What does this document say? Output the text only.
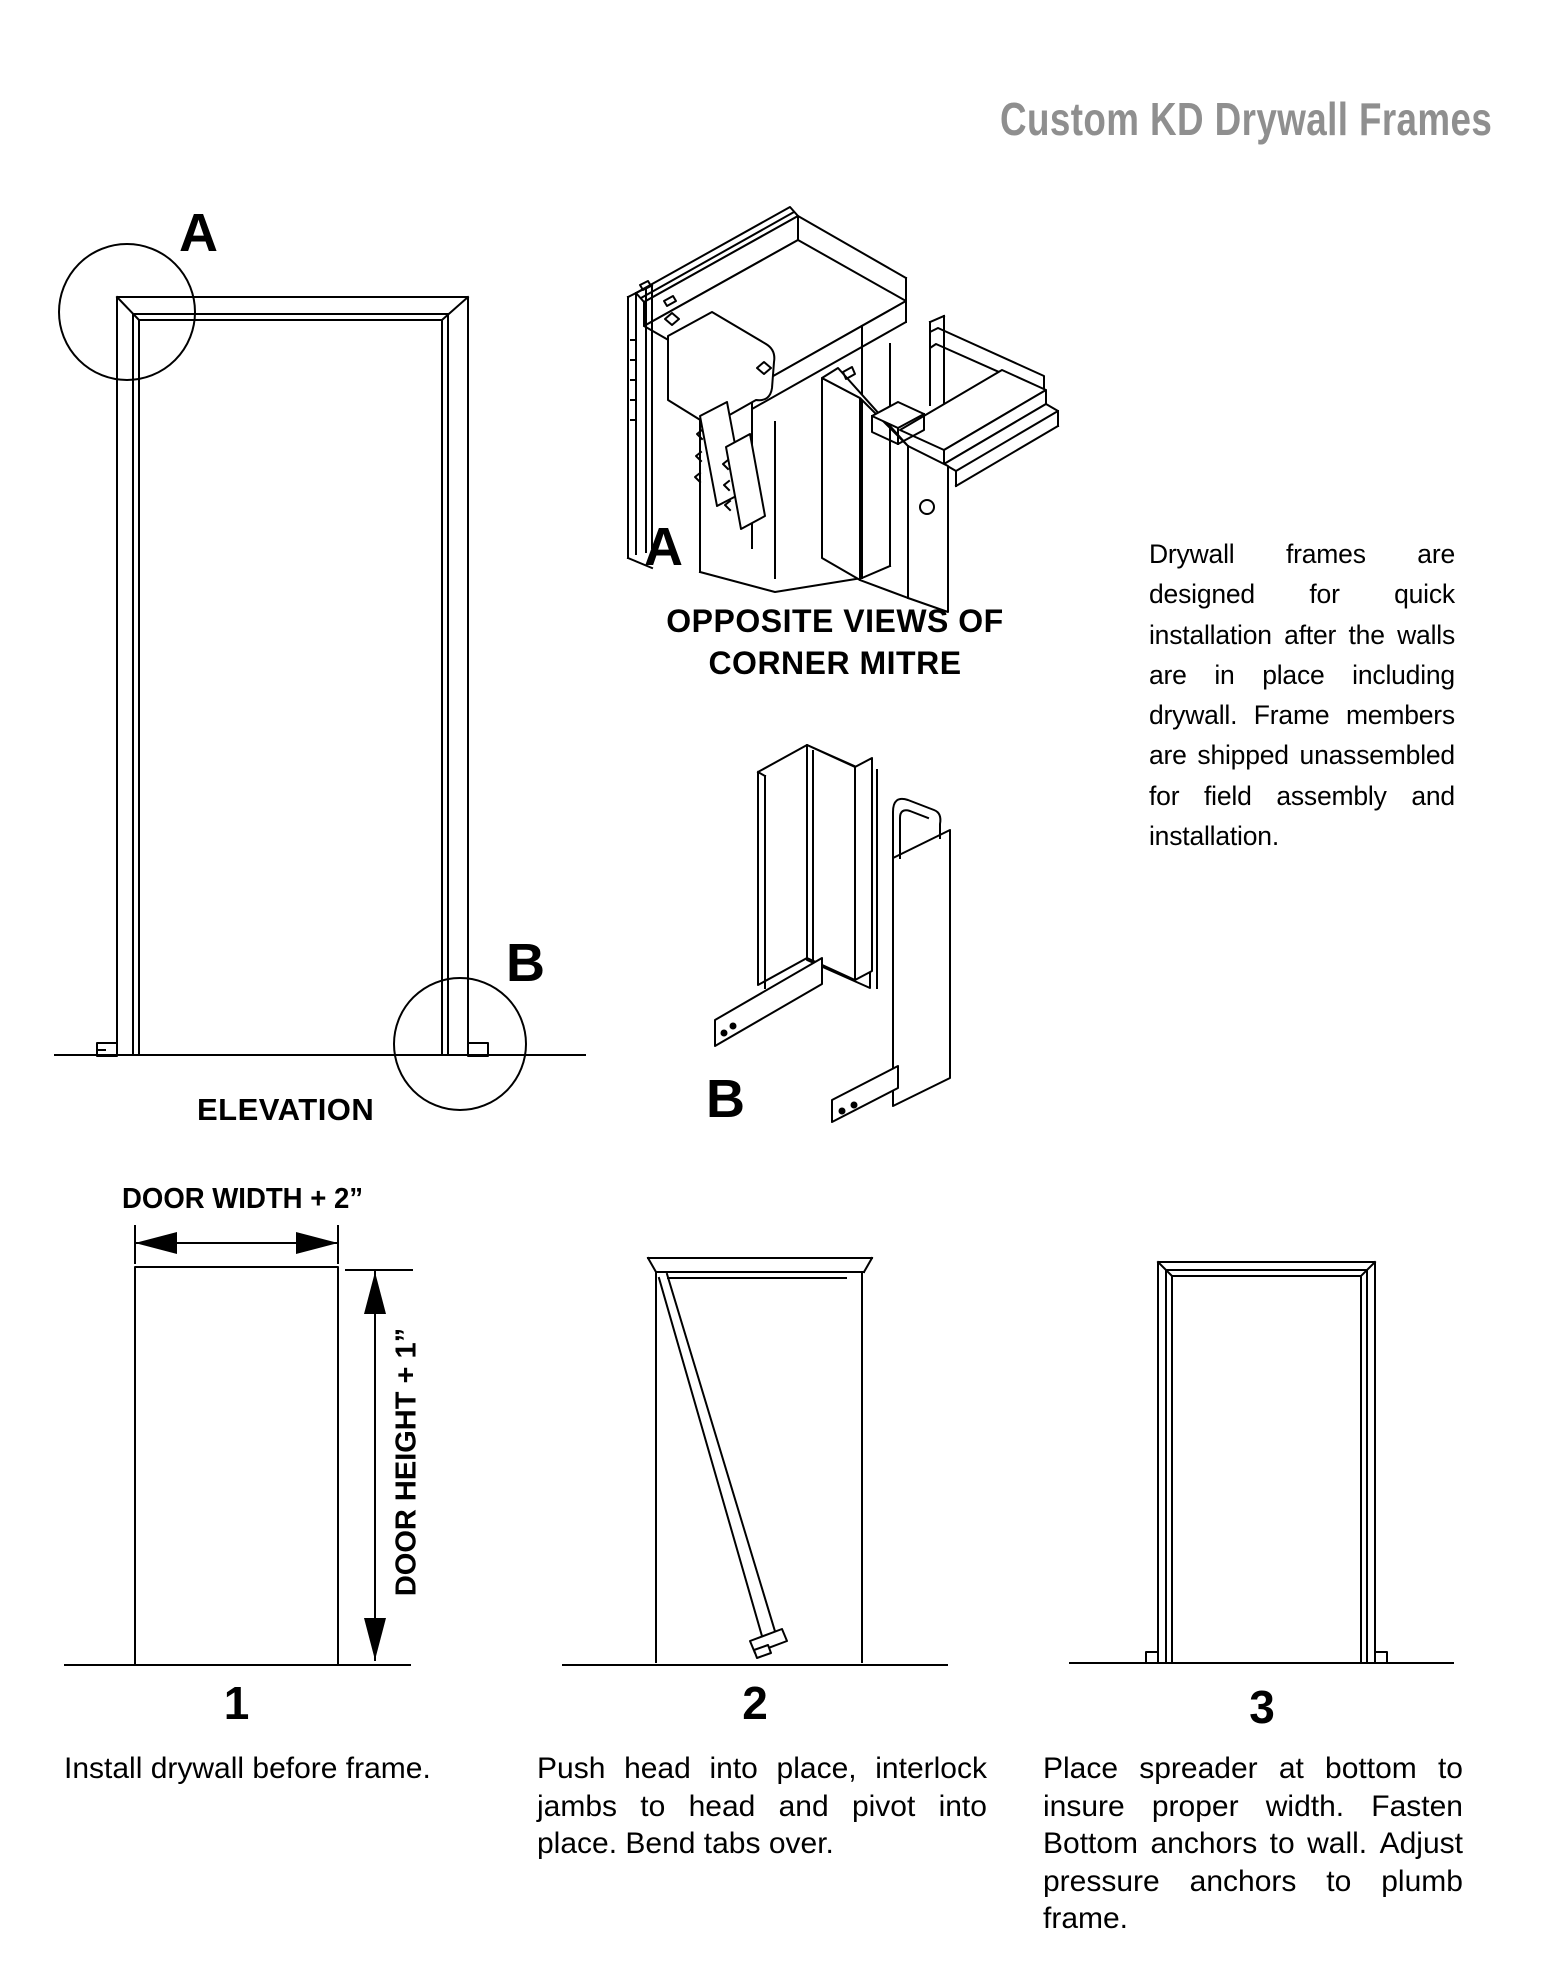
Custom KD Drywall Frames
A
B
ELEVATION
A
OPPOSITE VIEWS OF
CORNER MITRE
B
Drywall frames are
designed for quick
installation after the walls
are in place including
drywall. Frame members
are shipped unassembled
for field assembly and
installation.
DOOR WIDTH + 2”
DOOR HEIGHT + 1”
1	2	3
Install drywall before frame.	Push head into place, interlock
jambs to head and pivot into
place. Bend tabs over.
Place spreader at bottom to
insure proper width. Fasten
Bottom anchors to wall. Adjust
pressure anchors to plumb
frame.
